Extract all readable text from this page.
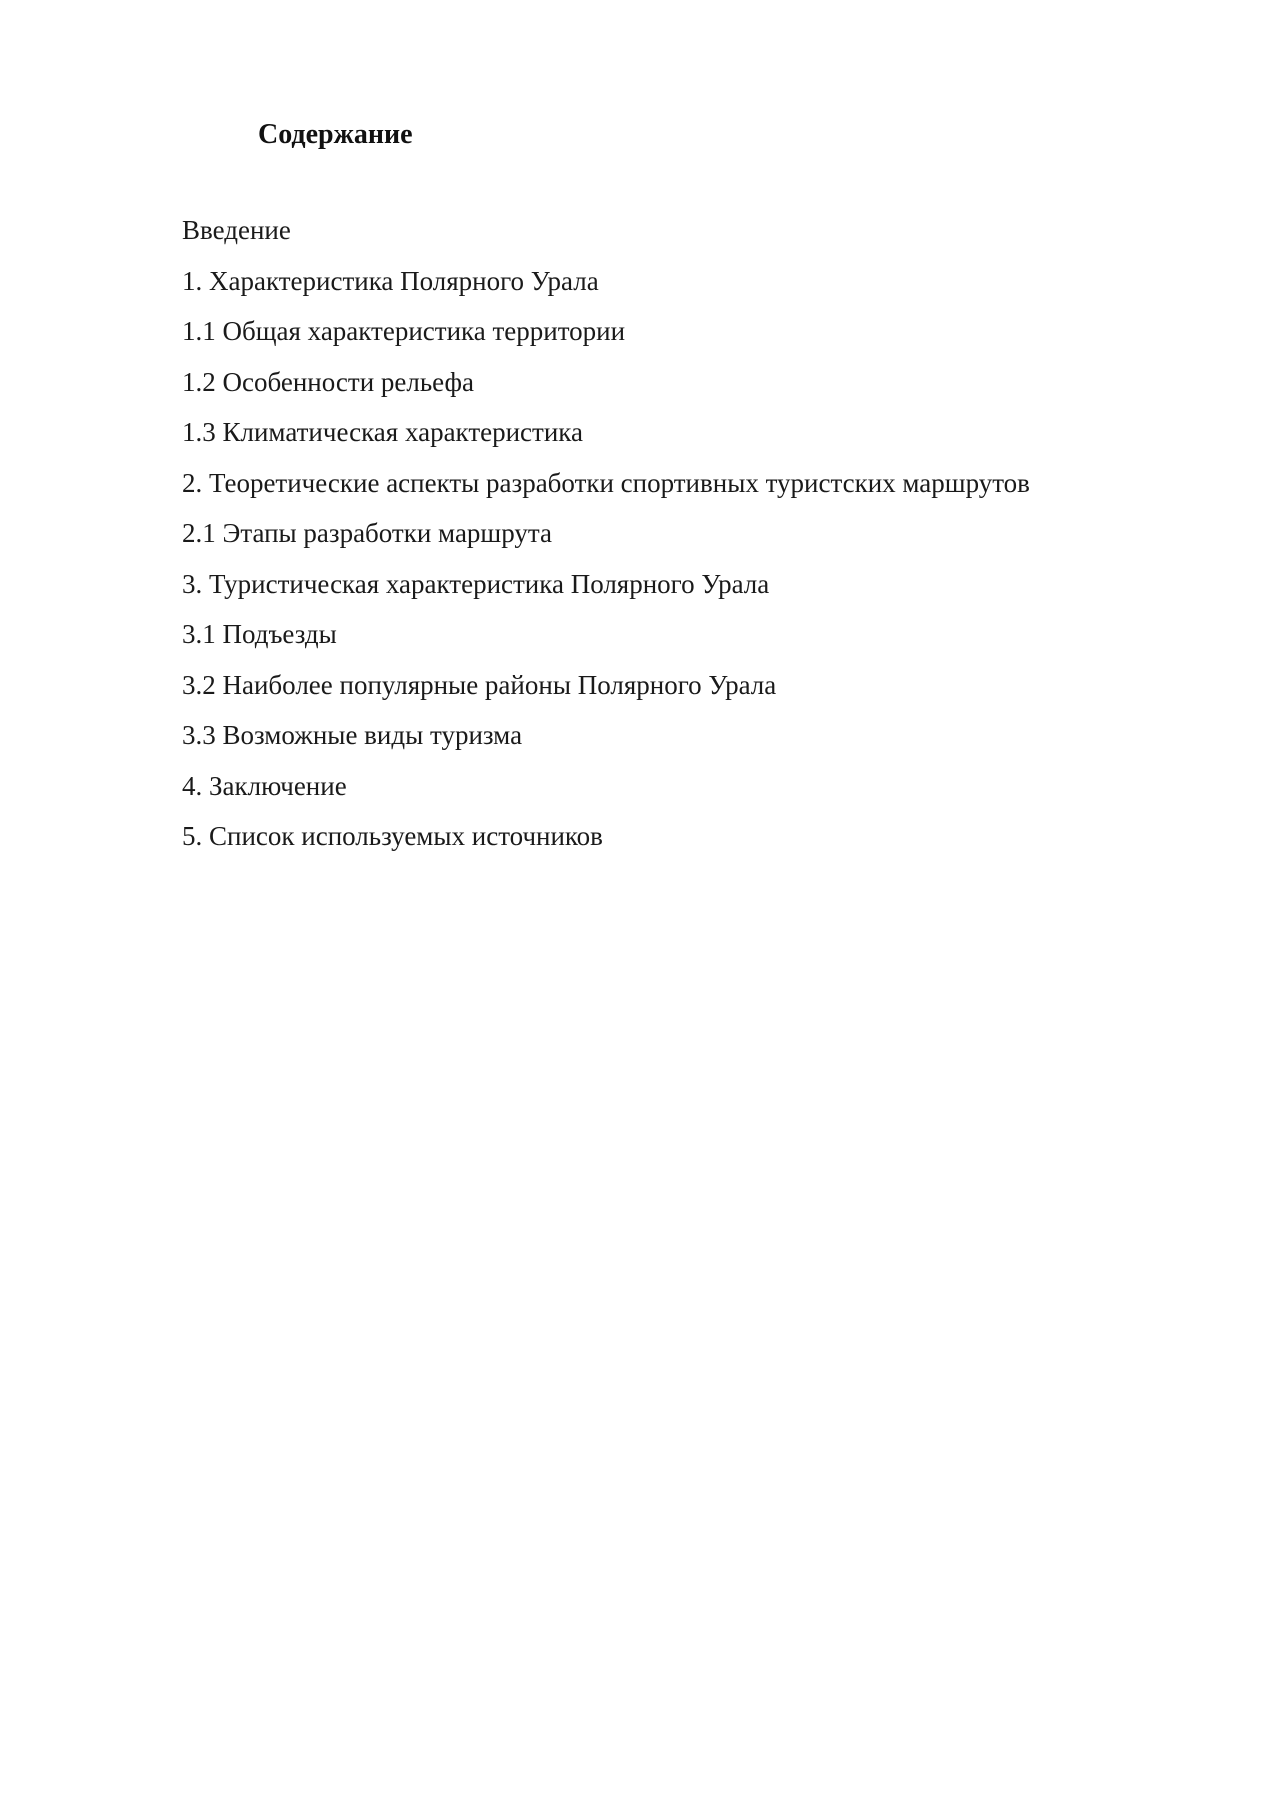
Содержание
Введение
1. Характеристика Полярного Урала
1.1 Общая характеристика территории
1.2 Особенности рельефа
1.3 Климатическая характеристика
2. Теоретические аспекты разработки спортивных туристских маршрутов
2.1 Этапы разработки маршрута
3. Туристическая характеристика Полярного Урала
3.1 Подъезды
3.2 Наиболее популярные районы Полярного Урала
3.3 Возможные виды туризма
4. Заключение
5. Список используемых источников
